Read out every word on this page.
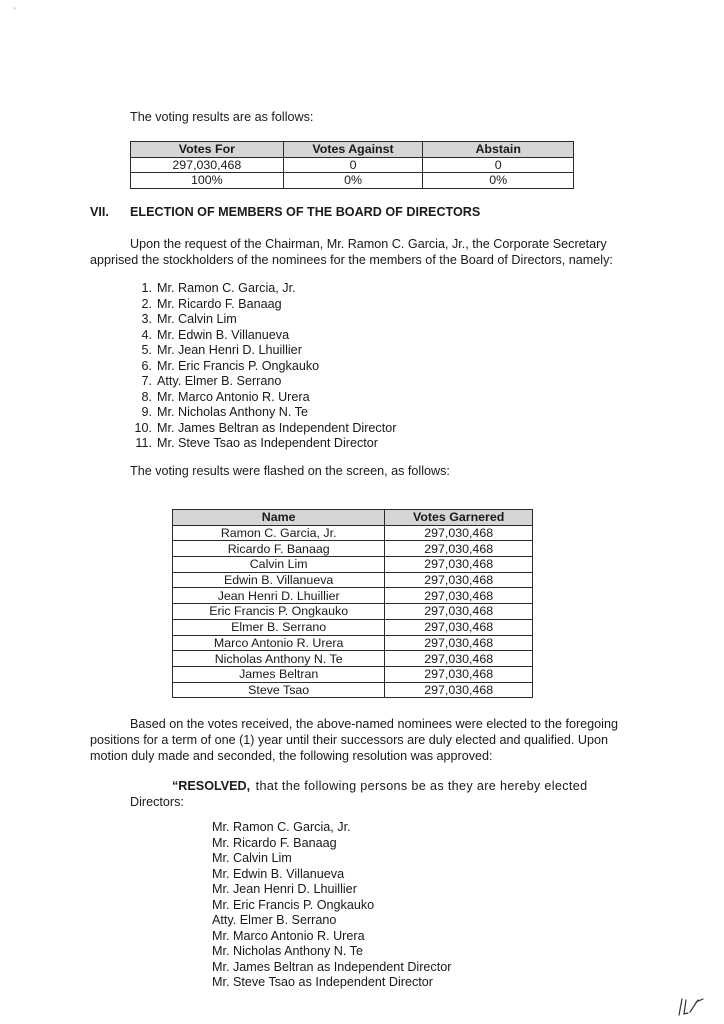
'
The voting results are as follows:
Votes For	Votes Against	Abstain
297,030,468	0	0
100%	0%	0%
VII. ELECTION OF MEMBERS OF THE BOARD OF DIRECTORS
Upon the request of the Chairman, Mr. Ramon C. Garcia, Jr., the Corporate Secretary
apprised the stockholders of the nominees for the members of the Board of Directors, namely:
1. Mr. Ramon C. Garcia, Jr.
2. Mr. Ricardo F. Banaag
3. Mr. Calvin Lim
4. Mr. Edwin B. Villanueva
5. Mr. Jean Henri D. Lhuillier
6. Mr. Eric Francis P. Ongkauko
7. Atty. Elmer B. Serrano
8. Mr. Marco Antonio R. Urera
9. Mr. Nicholas Anthony N. Te
10. Mr. James Beltran as Independent Director
11. Mr. Steve Tsao as Independent Director
The voting results were flashed on the screen, as follows:
Name	Votes Garnered
Ramon C. Garcia, Jr.	297,030,468
Ricardo F. Banaag	297,030,468
Calvin Lim	297,030,468
Edwin B. Villanueva	297,030,468
Jean Henri D. Lhuillier	297,030,468
Eric Francis P. Ongkauko	297,030,468
Elmer B. Serrano	297,030,468
Marco Antonio R. Urera	297,030,468
Nicholas Anthony N. Te	297,030,468
James Beltran	297,030,468
Steve Tsao	297,030,468
Based on the votes received, the above-named nominees were elected to the foregoing
positions for a term of one (1) year until their successors are duly elected and qualified. Upon
motion duly made and seconded, the following resolution was approved:
“RESOLVED, that the following persons be as they are hereby elected
Directors:
Mr. Ramon C. Garcia, Jr.
Mr. Ricardo F. Banaag
Mr. Calvin Lim
Mr. Edwin B. Villanueva
Mr. Jean Henri D. Lhuillier
Mr. Eric Francis P. Ongkauko
Atty. Elmer B. Serrano
Mr. Marco Antonio R. Urera
Mr. Nicholas Anthony N. Te
Mr. James Beltran as Independent Director
Mr. Steve Tsao as Independent Director
